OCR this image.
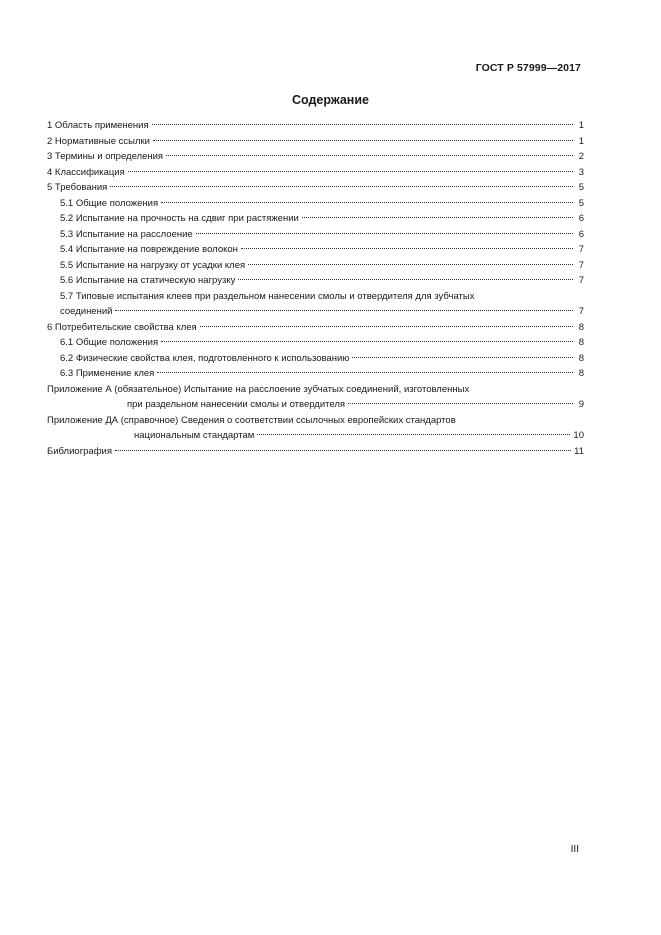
ГОСТ Р 57999—2017
Содержание
1 Область применения	1
2 Нормативные ссылки	1
3 Термины и определения	2
4 Классификация	3
5 Требования	5
5.1 Общие положения	5
5.2 Испытание на прочность на сдвиг при растяжении	6
5.3 Испытание на расслоение	6
5.4 Испытание на повреждение волокон	7
5.5 Испытание на нагрузку от усадки клея	7
5.6 Испытание на статическую нагрузку	7
5.7 Типовые испытания клеев при раздельном нанесении смолы и отвердителя для зубчатых
соединений	7
6 Потребительские свойства клея	8
6.1 Общие положения	8
6.2 Физические свойства клея, подготовленного к использованию	8
6.3 Применение клея	8
Приложение А (обязательное) Испытание на расслоение зубчатых соединений, изготовленных
при раздельном нанесении смолы и отвердителя	9
Приложение ДА (справочное) Сведения о соответствии ссылочных европейских стандартов
национальным стандартам	10
Библиография	11
III
